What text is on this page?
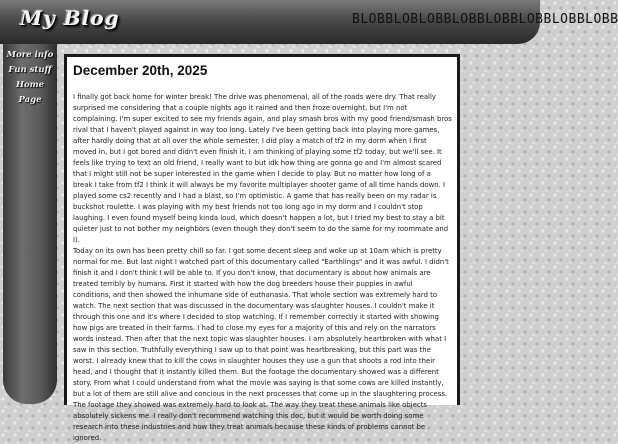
My Blog	BLOBBLOBLOBBLOBBLOBBLOBBLOBBLOBB
More info
Fun stuff
Home Page
December 20th, 2025

I finally got back home for winter break! The drive was phenomenal, all of the roads were dry. That really surprised me considering that a couple nights ago it rained and then froze overnight, but I'm not complaining. I'm super excited to see my friends again, and play smash bros with my good friend/smash bros rival that I haven't played against in way too long. Lately I've been getting back into playing more games, after hardly doing that at all over the whole semester. I did play a match of tf2 in my dorm when I first moved in, but I got bored and didn't even finish it. I am thinking of playing some tf2 today, but we'll see. It feels like trying to text an old friend, I really want to but idk how thing are gonna go and I'm almost scared that I might still not be super interested in the game when I decide to play. But no matter how long of a break I take from tf2 I think it will always be my favorite multiplayer shooter game of all time hands down. I played some cs2 recently and I had a blast, so I'm optimistic. A game that has really been on my radar is buckshot roulette. I was playing with my best friends not too long ago in my dorm and I couldn't stop laughing. I even found myself being kinda loud, which doesn't happen a lot, but I tried my best to stay a bit quieter just to not bother my neighbors (even though they don't seem to do the same for my roommate and I).

Today on its own has been pretty chill so far. I got some decent sleep and woke up at 10am which is pretty normal for me. But last night I watched part of this documentary called "Earthlings" and it was awful. I didn't finish it and I don't think I will be able to. If you don't know, that documentary is about how animals are treated terribly by humans. First it started with how the dog breeders house their puppies in awful conditions, and then showed the inhumane side of euthanasia. That whole section was extremely hard to watch. The next section that was discussed in the documentary was slaughter houses. I couldn't make it through this one and it's where I decided to stop watching. If I remember correctly it started with showing how pigs are treated in their farms. I had to close my eyes for a majority of this and rely on the narrators words instead. Then after that the next topic was slaughter houses. I am absolutely heartbroken with what I saw in this section. Truthfully everything I saw up to that point was heartbreaking, but this part was the worst. I already knew that to kill the cows in slaughter houses they use a gun that shoots a rod into their head, and I thought that it instantly killed them. But the footage the documentary showed was a different story. From what I could understand from what the movie was saying is that some cows are killed instantly, but a lot of them are still alive and concious in the next processes that come up in the slaughtering process. The footage they showed was extremely hard to look at. The way they treat these animals like objects absolutely sickens me. I really don't recommend watching this doc, but it would be worth doing some research into these industries and how they treat animals because these kinds of problems cannot be ignored.
